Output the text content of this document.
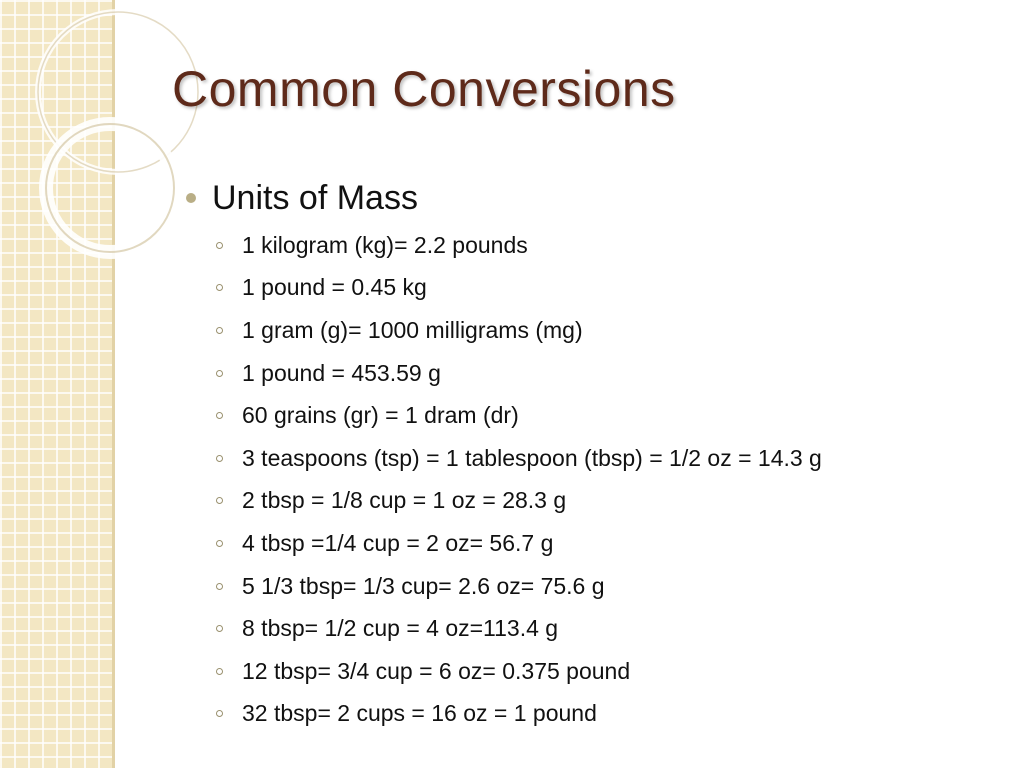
Common Conversions
Units of Mass
1 kilogram (kg)= 2.2 pounds
1 pound = 0.45 kg
1 gram (g)= 1000 milligrams (mg)
1 pound = 453.59 g
60 grains (gr) = 1 dram (dr)
3 teaspoons (tsp) = 1 tablespoon (tbsp) = 1/2 oz = 14.3 g
2 tbsp = 1/8 cup = 1 oz = 28.3 g
4 tbsp =1/4 cup = 2 oz= 56.7 g
5 1/3 tbsp= 1/3 cup= 2.6 oz= 75.6 g
8 tbsp= 1/2 cup = 4 oz=113.4 g
12 tbsp= 3/4 cup = 6 oz= 0.375 pound
32 tbsp= 2 cups = 16 oz = 1 pound
